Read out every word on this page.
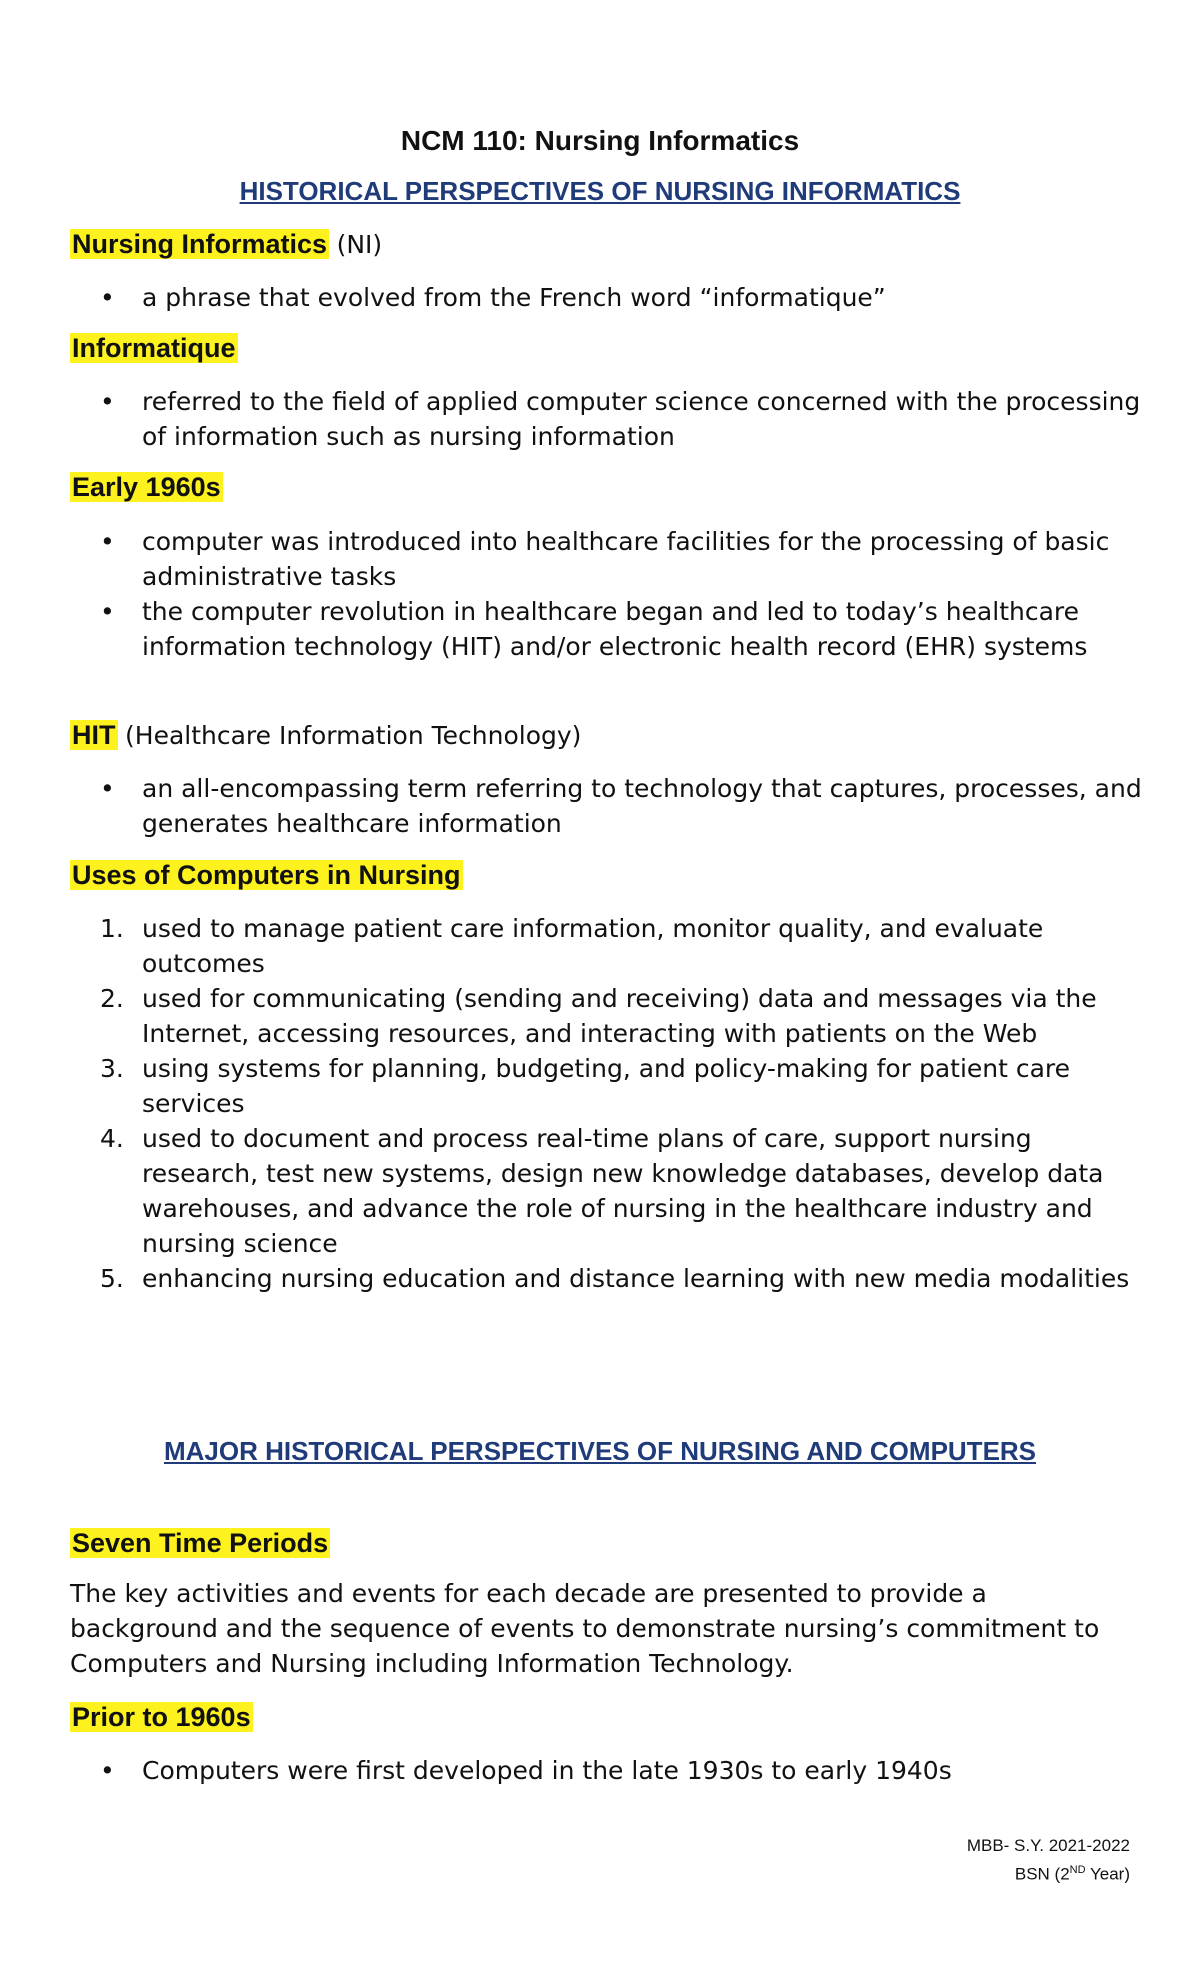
NCM 110: Nursing Informatics
HISTORICAL PERSPECTIVES OF NURSING INFORMATICS
Nursing Informatics (NI)
•	a phrase that evolved from the French word “informatique”
Informatique
•	referred to the field of applied computer science concerned with the processing of information such as nursing information
Early 1960s
•	computer was introduced into healthcare facilities for the processing of basic administrative tasks
•	the computer revolution in healthcare began and led to today’s healthcare information technology (HIT) and/or electronic health record (EHR) systems
HIT (Healthcare Information Technology)
•	an all-encompassing term referring to technology that captures, processes, and generates healthcare information
Uses of Computers in Nursing
1. used to manage patient care information, monitor quality, and evaluate outcomes
2. used for communicating (sending and receiving) data and messages via the Internet, accessing resources, and interacting with patients on the Web
3. using systems for planning, budgeting, and policy-making for patient care services
4. used to document and process real-time plans of care, support nursing research, test new systems, design new knowledge databases, develop data warehouses, and advance the role of nursing in the healthcare industry and nursing science
5. enhancing nursing education and distance learning with new media modalities
MAJOR HISTORICAL PERSPECTIVES OF NURSING AND COMPUTERS
Seven Time Periods
The key activities and events for each decade are presented to provide a background and the sequence of events to demonstrate nursing’s commitment to Computers and Nursing including Information Technology.
Prior to 1960s
•	Computers were first developed in the late 1930s to early 1940s
MBB- S.Y. 2021-2022
BSN (2ND Year)
